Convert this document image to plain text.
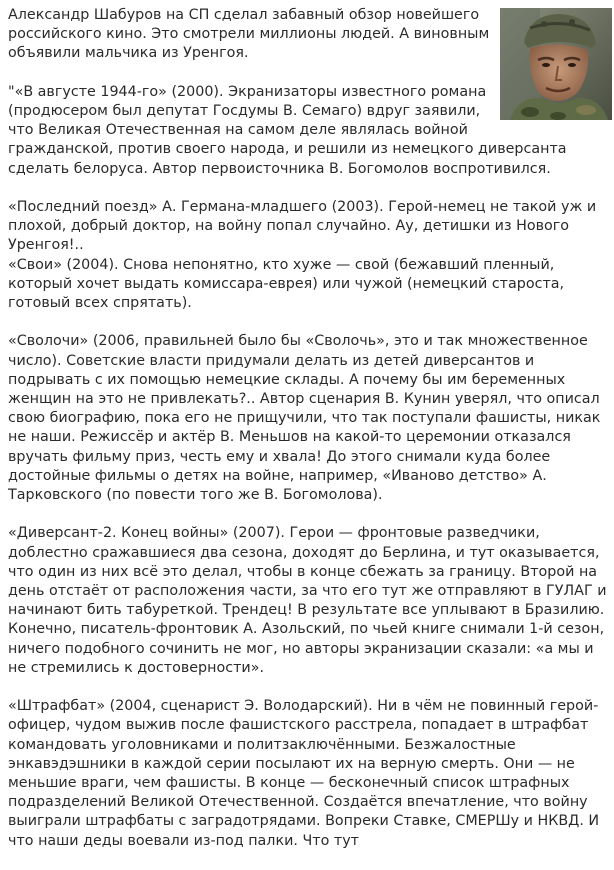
Александр Шабуров на СП сделал забавный обзор новейшего российского кино. Это смотрели миллионы людей. А виновным объявили мальчика из Уренгоя.
"«В августе 1944-го» (2000). Экранизаторы известного романа (продюсером был депутат Госдумы В. Семаго) вдруг заявили, что Великая Отечественная на самом деле являлась войной гражданской, против своего народа, и решили из немецкого диверсанта сделать белоруса. Автор первоисточника В. Богомолов воспротивился.
«Последний поезд» А. Германа-младшего (2003). Герой-немец не такой уж и плохой, добрый доктор, на войну попал случайно. Ау, детишки из Нового Уренгоя!..
«Свои» (2004). Снова непонятно, кто хуже — свой (бежавший пленный, который хочет выдать комиссара-еврея) или чужой (немецкий староста, готовый всех спрятать).
«Сволочи» (2006, правильней было бы «Сволочь», это и так множественное число). Советские власти придумали делать из детей диверсантов и подрывать с их помощью немецкие склады. А почему бы им беременных женщин на это не привлекать?.. Автор сценария В. Кунин уверял, что описал свою биографию, пока его не прищучили, что так поступали фашисты, никак не наши. Режиссёр и актёр В. Меньшов на какой-то церемонии отказался вручать фильму приз, честь ему и хвала! До этого снимали куда более достойные фильмы о детях на войне, например, «Иваново детство» А. Тарковского (по повести того же В. Богомолова).
«Диверсант-2. Конец войны» (2007). Герои — фронтовые разведчики, доблестно сражавшиеся два сезона, доходят до Берлина, и тут оказывается, что один из них всё это делал, чтобы в конце сбежать за границу. Второй на день отстаёт от расположения части, за что его тут же отправляют в ГУЛАГ и начинают бить табуреткой. Трендец! В результате все уплывают в Бразилию. Конечно, писатель-фронтовик А. Азольский, по чьей книге снимали 1-й сезон, ничего подобного сочинить не мог, но авторы экранизации сказали: «а мы и не стремились к достоверности».
«Штрафбат» (2004, сценарист Э. Володарский). Ни в чём не повинный герой-офицер, чудом выжив после фашистского расстрела, попадает в штрафбат командовать уголовниками и политзаключёнными. Безжалостные энкавэдэшники в каждой серии посылают их на верную смерть. Они — не меньшие враги, чем фашисты. В конце — бесконечный список штрафных подразделений Великой Отечественной. Создаётся впечатление, что войну выиграли штрафбаты с заградотрядами. Вопреки Ставке, СМЕРШу и НКВД. И что наши деды воевали из-под палки. Что тут
